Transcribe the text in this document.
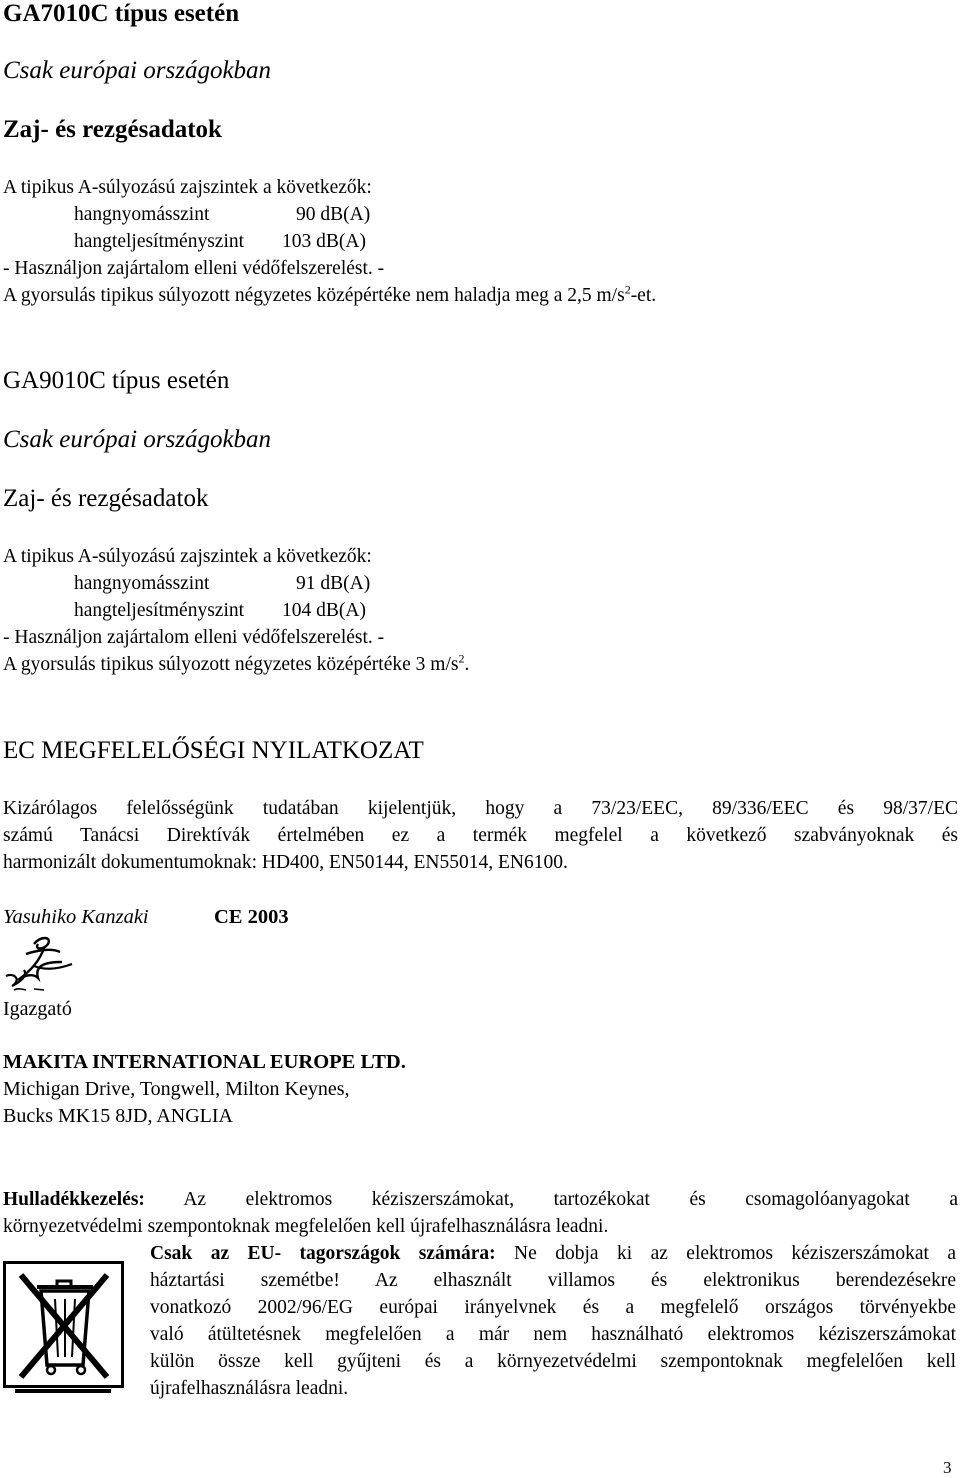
GA7010C típus esetén
Csak európai országokban
Zaj- és rezgésadatok
A tipikus A-súlyozású zajszintek a következők:
hangnyomásszint	90 dB(A)
hangteljesítményszint 103 dB(A)
- Használjon zajártalom elleni védőfelszerelést. -
A gyorsulás tipikus súlyozott négyzetes középértéke nem haladja meg a 2,5 $m/s^2-et$.
GA9010C típus esetén
Csak európai országokban
Zaj- és rezgésadatok
A tipikus A-súlyozású zajszintek a következők:
hangnyomásszint	91 dB(A)
hangteljesítményszint 104 dB(A)
- Használjon zajártalom elleni védőfelszerelést. -
A gyorsulás tipikus súlyozott négyzetes középértéke 3 $m/s^2$.
EC MEGFELELŐSÉGI NYILATKOZAT
Kizárólagos felelősségünk tudatában kijelentjük, hogy a 73/23/EEC, 89/336/EEC és 98/37/EC
számú Tanácsi Direktívák értelmében ez a termék megfelel a következő szabványoknak és
harmonizált dokumentumoknak: HD400, EN50144, EN55014, EN6100.
Yasuhiko Kanzaki	CE 2003
Igazgató
MAKITA INTERNATIONAL EUROPE LTD.
Michigan Drive, Tongwell, Milton Keynes,
Bucks MK15 8JD, ANGLIA
Hulladékkezelés: Az elektromos kéziszerszámokat, tartozékokat és csomagolóanyagokat a
környezetvédelmi szempontoknak megfelelően kell újrafelhasználásra leadni.
Csak az EU- tagországok számára: Ne dobja ki az elektromos kéziszerszámokat a
háztartási szemétbe! Az elhasznált villamos és elektronikus berendezésekre
vonatkozó 2002/96/EG európai irányelvnek és a megfelelő országos törvényekbe
való átültetésnek megfelelően a már nem használható elektromos kéziszerszámokat
külön össze kell gyűjteni és a környezetvédelmi szempontoknak megfelelően kell
újrafelhasználásra leadni.
3
